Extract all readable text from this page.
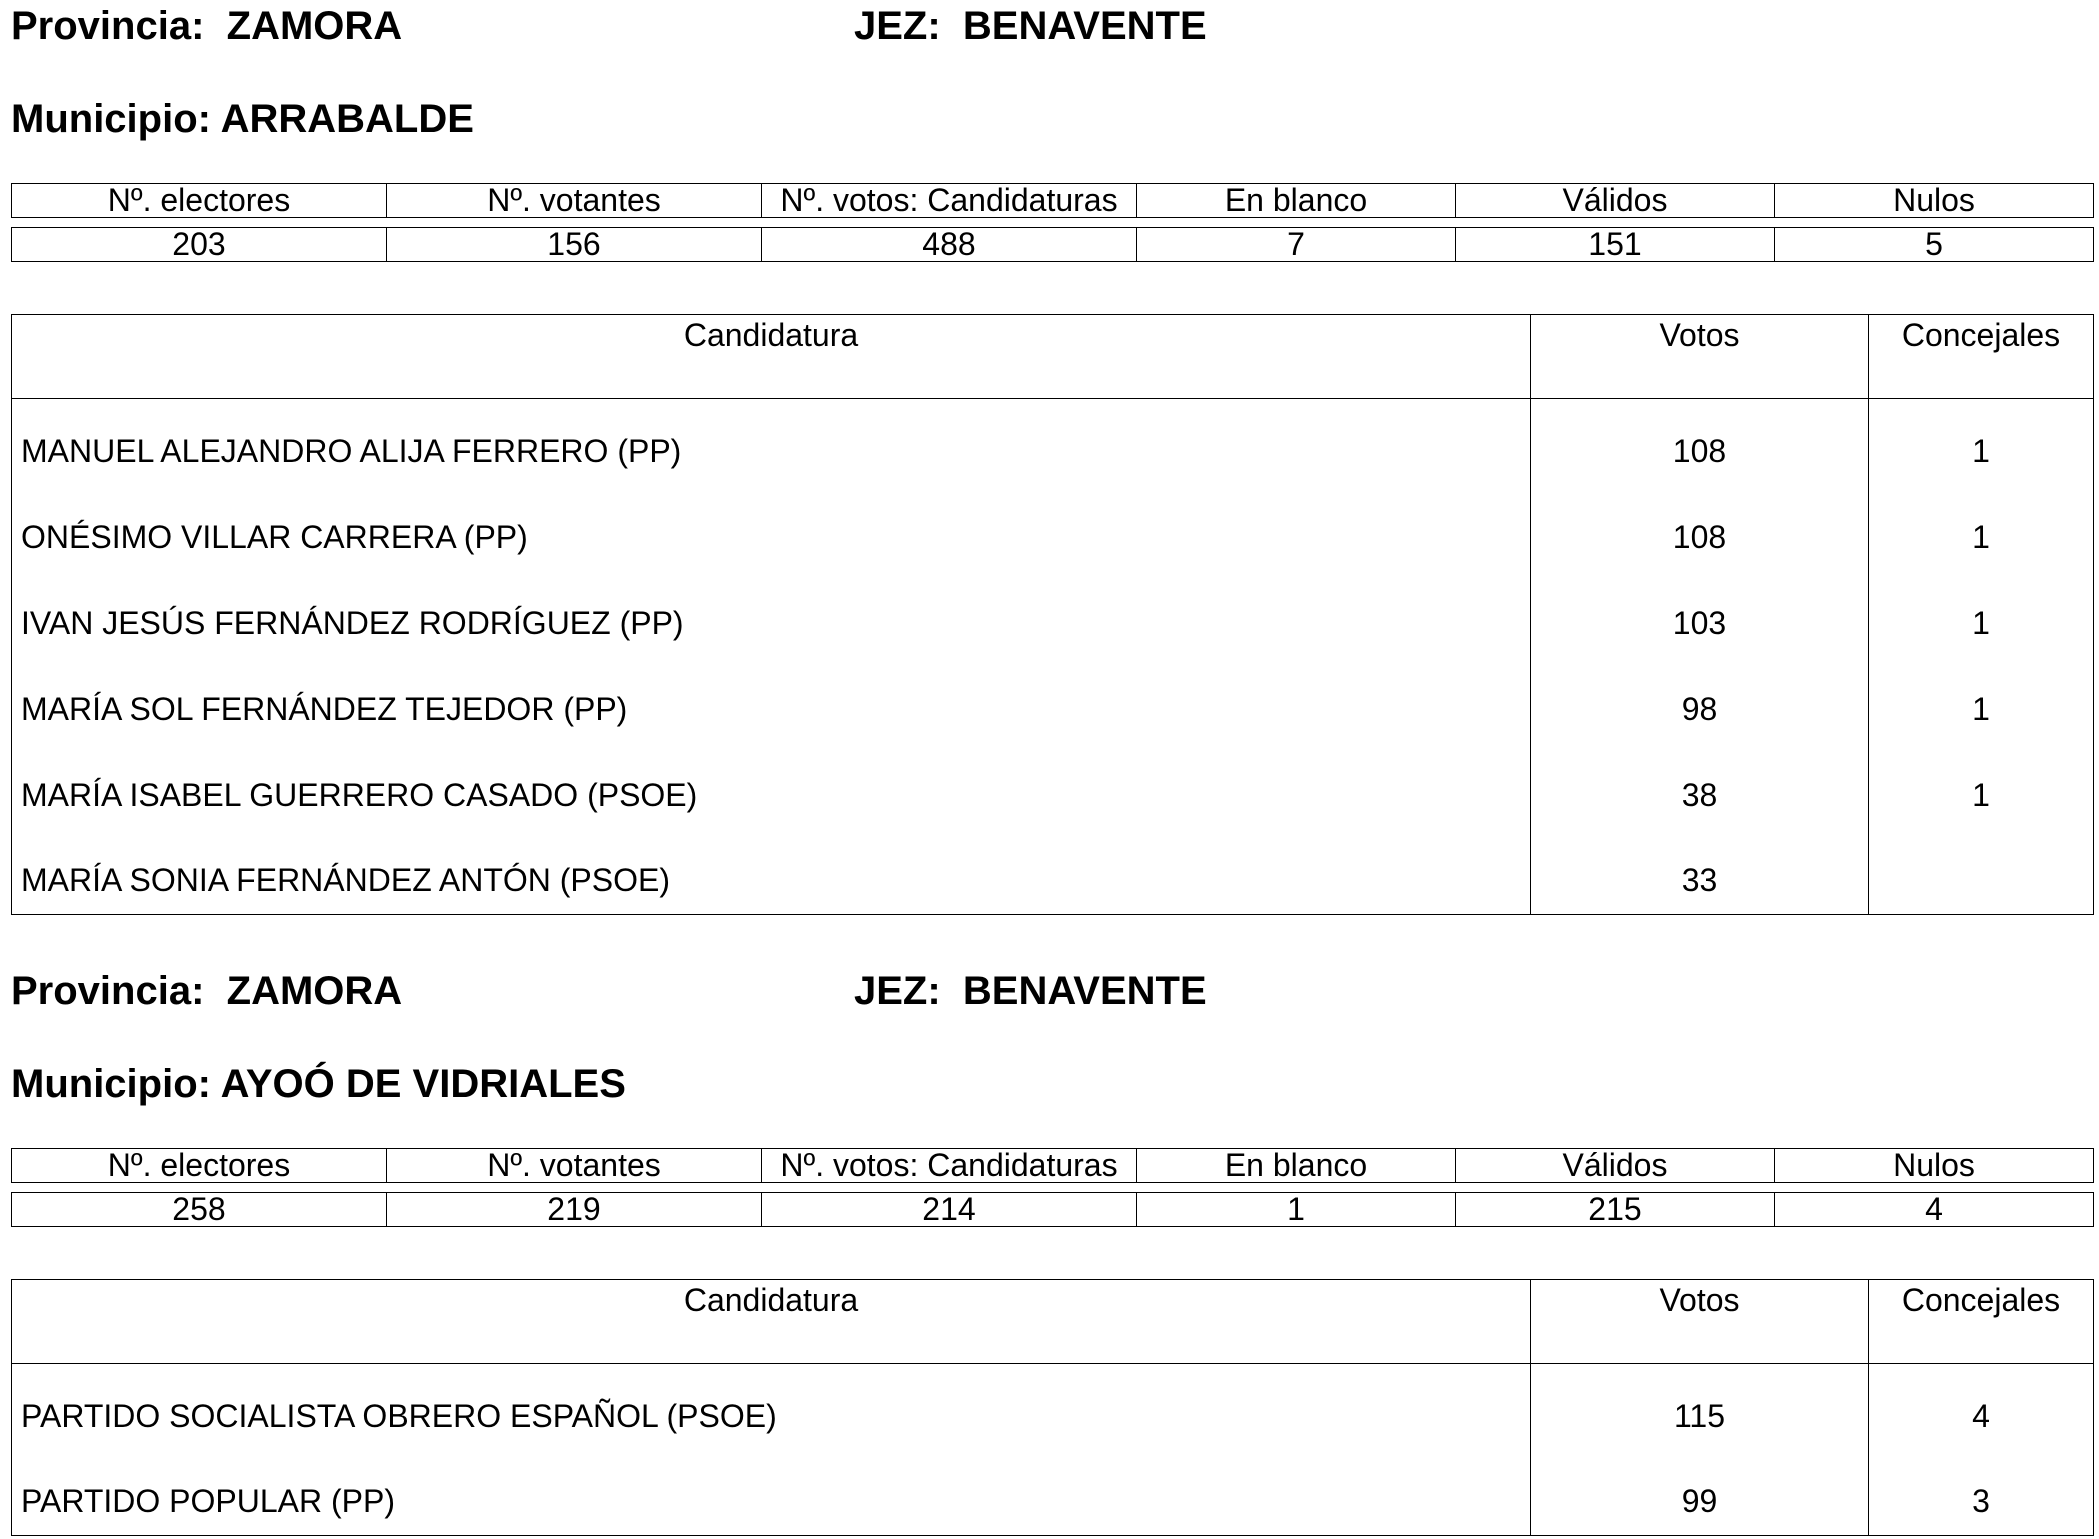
Provincia: ZAMORA	JEZ: BENAVENTE
Municipio: ARRABALDE
Nº. electores	Nº. votantes	Nº. votos: Candidaturas	En blanco	Válidos	Nulos
203	156	488	7	151	5
Candidatura	Votos	Concejales
MANUEL ALEJANDRO ALIJA FERRERO (PP)	108	1
ONÉSIMO VILLAR CARRERA (PP)	108	1
IVAN JESÚS FERNÁNDEZ RODRÍGUEZ (PP)	103	1
MARÍA SOL FERNÁNDEZ TEJEDOR (PP)	98	1
MARÍA ISABEL GUERRERO CASADO (PSOE)	38	1
MARÍA SONIA FERNÁNDEZ ANTÓN (PSOE)	33	
Provincia: ZAMORA	JEZ: BENAVENTE
Municipio: AYOÓ DE VIDRIALES
Nº. electores	Nº. votantes	Nº. votos: Candidaturas	En blanco	Válidos	Nulos
258	219	214	1	215	4
Candidatura	Votos	Concejales
PARTIDO SOCIALISTA OBRERO ESPAÑOL (PSOE)	115	4
PARTIDO POPULAR (PP)	99	3
